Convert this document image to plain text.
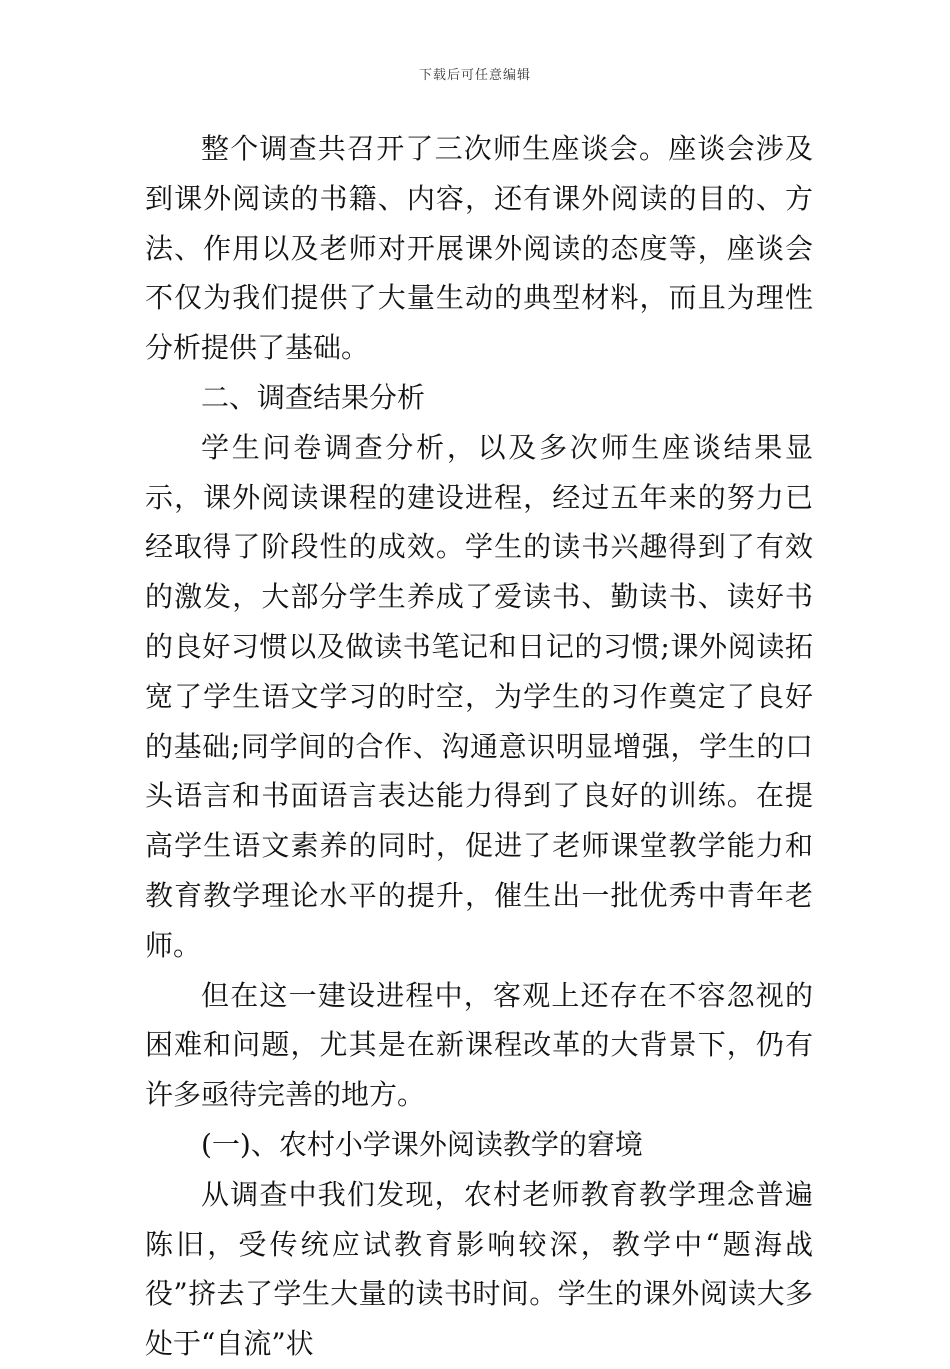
下载后可任意编辑

整个调查共召开了三次师生座谈会。座谈会涉及到课外阅读的书籍、内容，还有课外阅读的目的、方法、作用以及老师对开展课外阅读的态度等，座谈会不仅为我们提供了大量生动的典型材料，而且为理性分析提供了基础。

二、调查结果分析

学生问卷调查分析，以及多次师生座谈结果显示，课外阅读课程的建设进程，经过五年来的努力已经取得了阶段性的成效。学生的读书兴趣得到了有效的激发，大部分学生养成了爱读书、勤读书、读好书的良好习惯以及做读书笔记和日记的习惯;课外阅读拓宽了学生语文学习的时空，为学生的习作奠定了良好的基础;同学间的合作、沟通意识明显增强，学生的口头语言和书面语言表达能力得到了良好的训练。在提高学生语文素养的同时，促进了老师课堂教学能力和教育教学理论水平的提升，催生出一批优秀中青年老师。

但在这一建设进程中，客观上还存在不容忽视的困难和问题，尤其是在新课程改革的大背景下，仍有许多亟待完善的地方。

(一)、农村小学课外阅读教学的窘境

从调查中我们发现，农村老师教育教学理念普遍陈旧，受传统应试教育影响较深，教学中“题海战役”挤去了学生大量的读书时间。学生的课外阅读大多处于“自流”状
